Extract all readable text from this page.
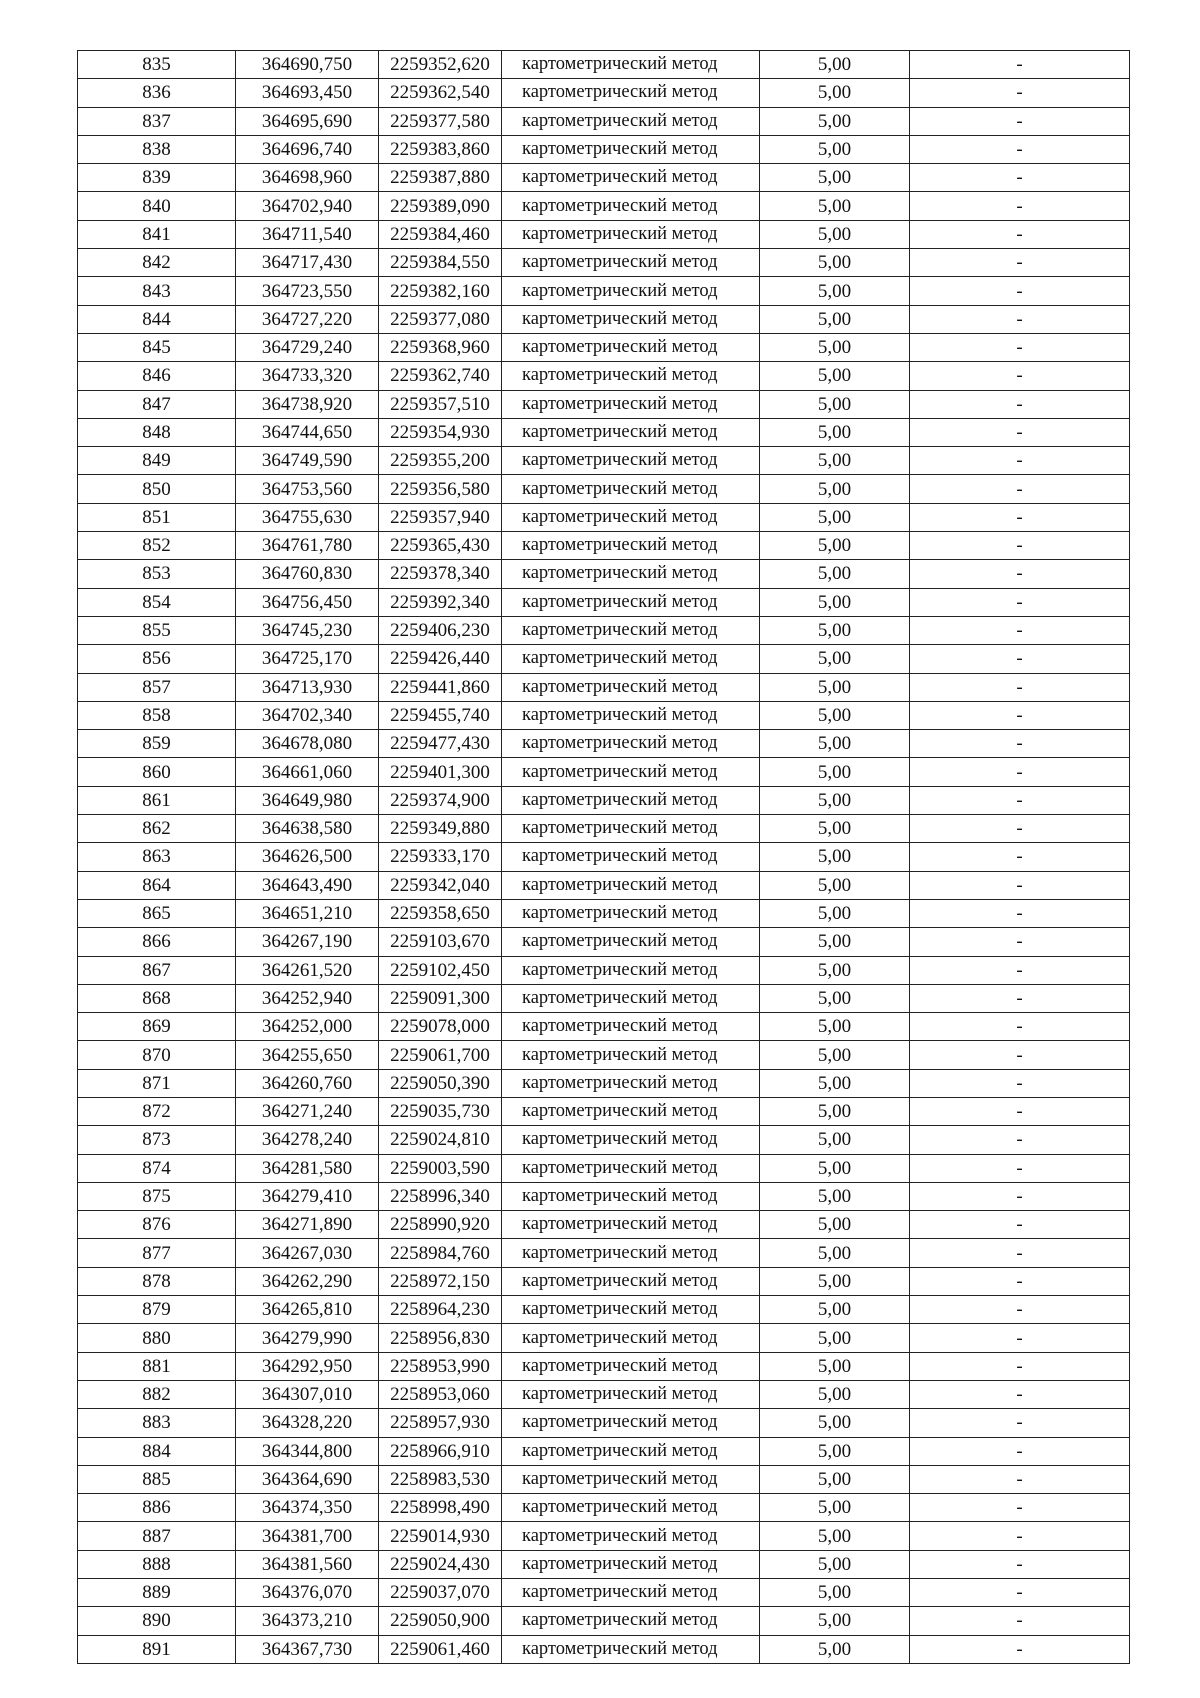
835	364690,750	2259352,620	картометрический метод	5,00	-
836	364693,450	2259362,540	картометрический метод	5,00	-
837	364695,690	2259377,580	картометрический метод	5,00	-
838	364696,740	2259383,860	картометрический метод	5,00	-
839	364698,960	2259387,880	картометрический метод	5,00	-
840	364702,940	2259389,090	картометрический метод	5,00	-
841	364711,540	2259384,460	картометрический метод	5,00	-
842	364717,430	2259384,550	картометрический метод	5,00	-
843	364723,550	2259382,160	картометрический метод	5,00	-
844	364727,220	2259377,080	картометрический метод	5,00	-
845	364729,240	2259368,960	картометрический метод	5,00	-
846	364733,320	2259362,740	картометрический метод	5,00	-
847	364738,920	2259357,510	картометрический метод	5,00	-
848	364744,650	2259354,930	картометрический метод	5,00	-
849	364749,590	2259355,200	картометрический метод	5,00	-
850	364753,560	2259356,580	картометрический метод	5,00	-
851	364755,630	2259357,940	картометрический метод	5,00	-
852	364761,780	2259365,430	картометрический метод	5,00	-
853	364760,830	2259378,340	картометрический метод	5,00	-
854	364756,450	2259392,340	картометрический метод	5,00	-
855	364745,230	2259406,230	картометрический метод	5,00	-
856	364725,170	2259426,440	картометрический метод	5,00	-
857	364713,930	2259441,860	картометрический метод	5,00	-
858	364702,340	2259455,740	картометрический метод	5,00	-
859	364678,080	2259477,430	картометрический метод	5,00	-
860	364661,060	2259401,300	картометрический метод	5,00	-
861	364649,980	2259374,900	картометрический метод	5,00	-
862	364638,580	2259349,880	картометрический метод	5,00	-
863	364626,500	2259333,170	картометрический метод	5,00	-
864	364643,490	2259342,040	картометрический метод	5,00	-
865	364651,210	2259358,650	картометрический метод	5,00	-
866	364267,190	2259103,670	картометрический метод	5,00	-
867	364261,520	2259102,450	картометрический метод	5,00	-
868	364252,940	2259091,300	картометрический метод	5,00	-
869	364252,000	2259078,000	картометрический метод	5,00	-
870	364255,650	2259061,700	картометрический метод	5,00	-
871	364260,760	2259050,390	картометрический метод	5,00	-
872	364271,240	2259035,730	картометрический метод	5,00	-
873	364278,240	2259024,810	картометрический метод	5,00	-
874	364281,580	2259003,590	картометрический метод	5,00	-
875	364279,410	2258996,340	картометрический метод	5,00	-
876	364271,890	2258990,920	картометрический метод	5,00	-
877	364267,030	2258984,760	картометрический метод	5,00	-
878	364262,290	2258972,150	картометрический метод	5,00	-
879	364265,810	2258964,230	картометрический метод	5,00	-
880	364279,990	2258956,830	картометрический метод	5,00	-
881	364292,950	2258953,990	картометрический метод	5,00	-
882	364307,010	2258953,060	картометрический метод	5,00	-
883	364328,220	2258957,930	картометрический метод	5,00	-
884	364344,800	2258966,910	картометрический метод	5,00	-
885	364364,690	2258983,530	картометрический метод	5,00	-
886	364374,350	2258998,490	картометрический метод	5,00	-
887	364381,700	2259014,930	картометрический метод	5,00	-
888	364381,560	2259024,430	картометрический метод	5,00	-
889	364376,070	2259037,070	картометрический метод	5,00	-
890	364373,210	2259050,900	картометрический метод	5,00	-
891	364367,730	2259061,460	картометрический метод	5,00	-
